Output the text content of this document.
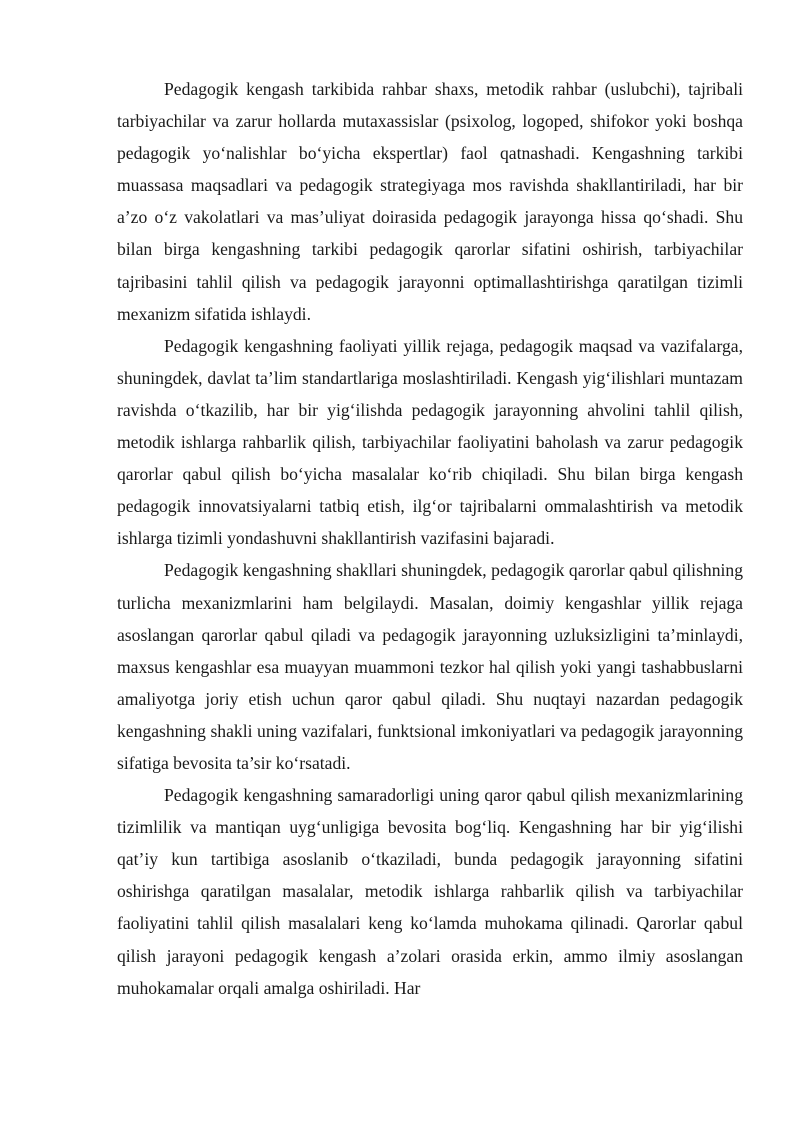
Pedagogik kengash tarkibida rahbar shaxs, metodik rahbar (uslubchi), tajribali tarbiyachilar va zarur hollarda mutaxassislar (psixolog, logoped, shifokor yoki boshqa pedagogik yo‘nalishlar bo‘yicha ekspertlar) faol qatnashadi. Kengashning tarkibi muassasa maqsadlari va pedagogik strategiyaga mos ravishda shakllantiriladi, har bir a’zo o‘z vakolatlari va mas’uliyat doirasida pedagogik jarayonga hissa qo‘shadi. Shu bilan birga kengashning tarkibi pedagogik qarorlar sifatini oshirish, tarbiyachilar tajribasini tahlil qilish va pedagogik jarayonni optimallashtirishga qaratilgan tizimli mexanizm sifatida ishlaydi.

Pedagogik kengashning faoliyati yillik rejaga, pedagogik maqsad va vazifalarga, shuningdek, davlat ta’lim standartlariga moslashtiriladi. Kengash yig‘ilishlari muntazam ravishda o‘tkazilib, har bir yig‘ilishda pedagogik jarayonning ahvolini tahlil qilish, metodik ishlarga rahbarlik qilish, tarbiyachilar faoliyatini baholash va zarur pedagogik qarorlar qabul qilish bo‘yicha masalalar ko‘rib chiqiladi. Shu bilan birga kengash pedagogik innovatsiyalarni tatbiq etish, ilg‘or tajribalarni ommalashtirish va metodik ishlarga tizimli yondashuvni shakllantirish vazifasini bajaradi.

Pedagogik kengashning shakllari shuningdek, pedagogik qarorlar qabul qilishning turlicha mexanizmlarini ham belgilaydi. Masalan, doimiy kengashlar yillik rejaga asoslangan qarorlar qabul qiladi va pedagogik jarayonning uzluksizligini ta’minlaydi, maxsus kengashlar esa muayyan muammoni tezkor hal qilish yoki yangi tashabbuslarni amaliyotga joriy etish uchun qaror qabul qiladi. Shu nuqtayi nazardan pedagogik kengashning shakli uning vazifalari, funktsional imkoniyatlari va pedagogik jarayonning sifatiga bevosita ta’sir ko‘rsatadi.

Pedagogik kengashning samaradorligi uning qaror qabul qilish mexanizmlarining tizimlilik va mantiqan uyg‘unligiga bevosita bog‘liq. Kengashning har bir yig‘ilishi qat’iy kun tartibiga asoslanib o‘tkaziladi, bunda pedagogik jarayonning sifatini oshirishga qaratilgan masalalar, metodik ishlarga rahbarlik qilish va tarbiyachilar faoliyatini tahlil qilish masalalari keng ko‘lamda muhokama qilinadi. Qarorlar qabul qilish jarayoni pedagogik kengash a’zolari orasida erkin, ammo ilmiy asoslangan muhokamalar orqali amalga oshiriladi. Har
